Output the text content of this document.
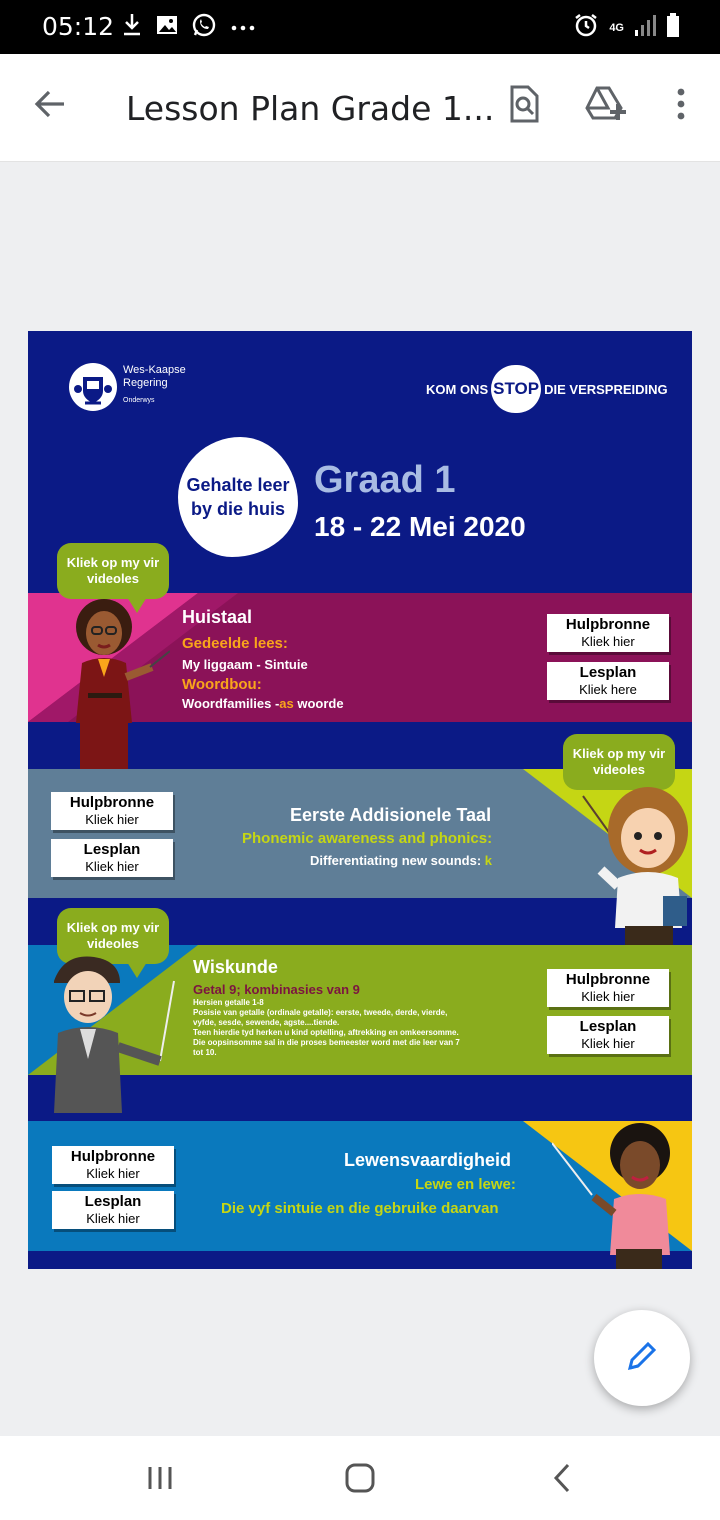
05:12	4G
Lesson Plan Grade 1...
Wes-Kaapse
Regering
Onderwys
KOM ONS STOP DIE VERSPREIDING
Gehalte leer by die huis
Graad 1
18 - 22 Mei 2020
Huistaal
Gedeelde lees:
My liggaam - Sintuie
Woordbou:
Woordfamilies -as woorde
Hulpbronne
Kliek hier
Lesplan
Kliek here
Kliek op my vir videoles
Hulpbronne
Kliek hier
Lesplan
Kliek hier
Eerste Addisionele Taal
Phonemic awareness and phonics:
Differentiating new sounds: k
Kliek op my vir videoles
Wiskunde
Getal 9; kombinasies van 9
Hersien getalle 1-8
Posisie van getalle (ordinale getalle): eerste, tweede, derde, vierde,
vyfde, sesde, sewende, agste....tiende.
Teen hierdie tyd herken u kind optelling, aftrekking en omkeersomme.
Die oopsinsomme sal in die proses bemeester word met die leer van 7
tot 10.
Hulpbronne
Kliek hier
Lesplan
Kliek hier
Kliek op my vir videoles
Hulpbronne
Kliek hier
Lesplan
Kliek hier
Lewensvaardigheid
Lewe en lewe:
Die vyf sintuie en die gebruike daarvan
